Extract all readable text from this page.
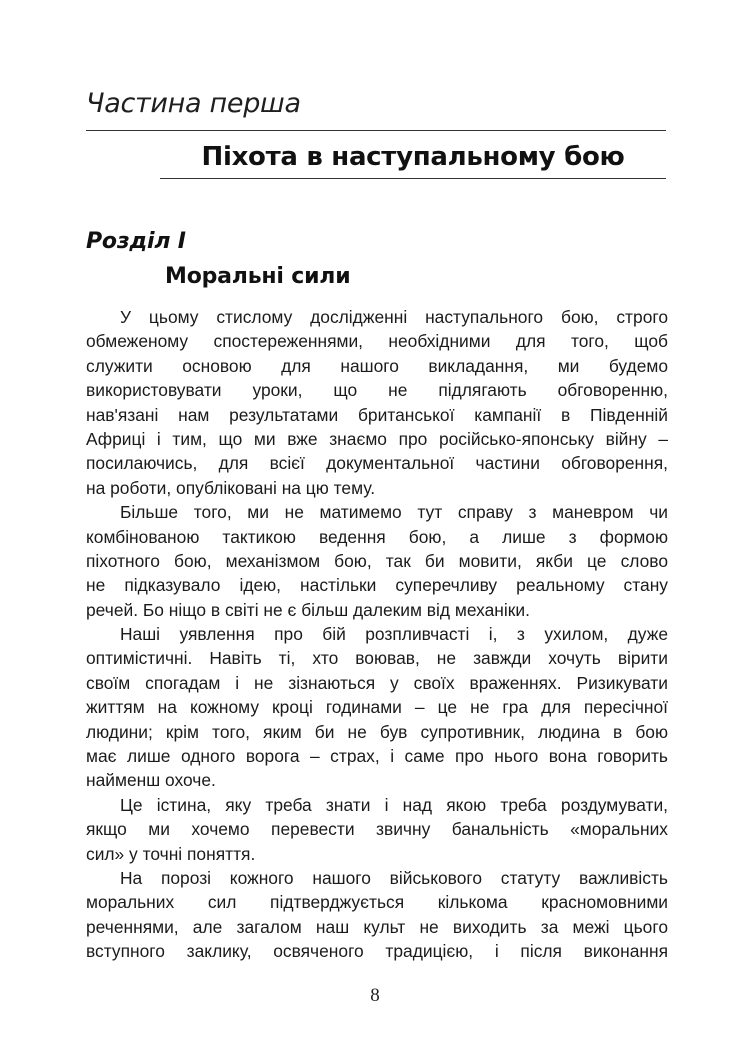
Частина перша
Піхота в наступальному бою
Розділ І
Моральні сили

У цьому стислому дослідженні наступального бою, строго
обмеженому спостереженнями, необхідними для того, щоб
служити основою для нашого викладання, ми будемо
використовувати уроки, що не підлягають обговоренню,
нав'язані нам результатами британської кампанії в Південній
Африці і тим, що ми вже знаємо про російсько-японську війну –
посилаючись, для всієї документальної частини обговорення,
на роботи, опубліковані на цю тему.

Більше того, ми не матимемо тут справу з маневром чи
комбінованою тактикою ведення бою, а лише з формою
піхотного бою, механізмом бою, так би мовити, якби це слово
не підказувало ідею, настільки суперечливу реальному стану
речей. Бо ніщо в світі не є більш далеким від механіки.

Наші уявлення про бій розпливчасті і, з ухилом, дуже
оптимістичні. Навіть ті, хто воював, не завжди хочуть вірити
своїм спогадам і не зізнаються у своїх враженнях. Ризикувати
життям на кожному кроці годинами – це не гра для пересічної
людини; крім того, яким би не був супротивник, людина в бою
має лише одного ворога – страх, і саме про нього вона говорить
найменш охоче.

Це істина, яку треба знати і над якою треба роздумувати,
якщо ми хочемо перевести звичну банальність «моральних
сил» у точні поняття.

На порозі кожного нашого військового статуту важливість
моральних сил підтверджується кількома красномовними
реченнями, але загалом наш культ не виходить за межі цього
вступного заклику, освяченого традицією, і після виконання

8
